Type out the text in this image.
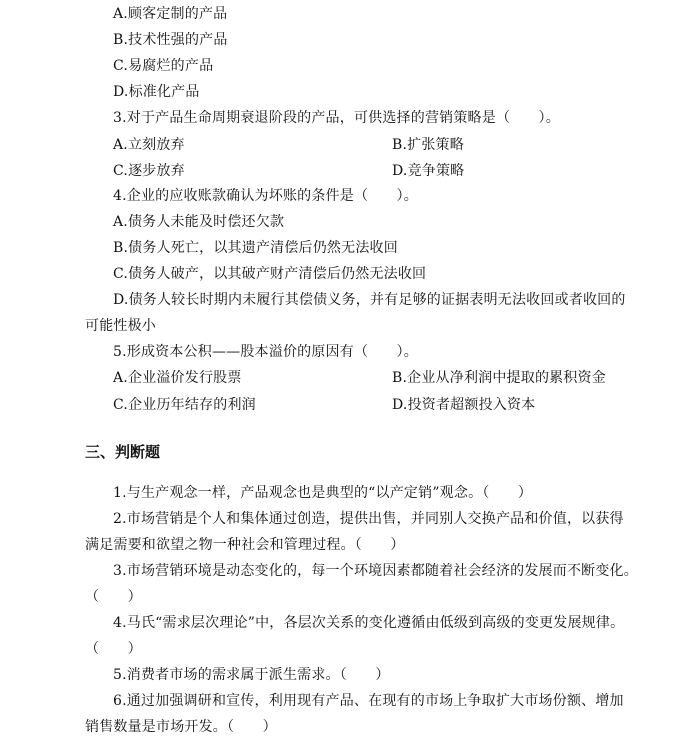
A.顾客定制的产品
B.技术性强的产品
C.易腐烂的产品
D.标准化产品
3.对于产品生命周期衰退阶段的产品，可供选择的营销策略是（　　）。
A.立刻放弃	B.扩张策略
C.逐步放弃	D.竞争策略
4.企业的应收账款确认为坏账的条件是（　　）。
A.债务人未能及时偿还欠款
B.债务人死亡，以其遗产清偿后仍然无法收回
C.债务人破产，以其破产财产清偿后仍然无法收回
D.债务人较长时期内未履行其偿债义务，并有足够的证据表明无法收回或者收回的
可能性极小
5.形成资本公积——股本溢价的原因有（　　）。
A.企业溢价发行股票	B.企业从净利润中提取的累积资金
C.企业历年结存的利润	D.投资者超额投入资本
三、判断题
1.与生产观念一样，产品观念也是典型的“以产定销”观念。（　　）
2.市场营销是个人和集体通过创造，提供出售，并同别人交换产品和价值，以获得
满足需要和欲望之物一种社会和管理过程。（　　）
3.市场营销环境是动态变化的，每一个环境因素都随着社会经济的发展而不断变化。
（　　）
4.马氏“需求层次理论”中，各层次关系的变化遵循由低级到高级的变更发展规律。
（　　）
5.消费者市场的需求属于派生需求。（　　）
6.通过加强调研和宣传，利用现有产品、在现有的市场上争取扩大市场份额、增加
销售数量是市场开发。（　　）
